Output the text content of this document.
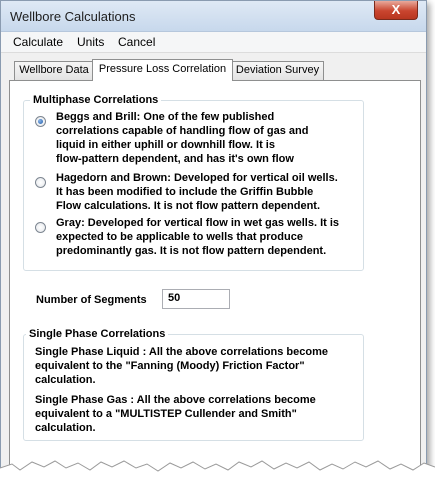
Wellbore Calculations	X
Calculate Units Cancel
Wellbore Data Pressure Loss Correlation Deviation Survey
Multiphase Correlations
Beggs and Brill: One of the few published
correlations capable of handling flow of gas and
liquid in either uphill or downhill flow. It is
flow-pattern dependent, and has it's own flow
Hagedorn and Brown: Developed for vertical oil wells.
It has been modified to include the Griffin Bubble
Flow calculations. It is not flow pattern dependent.
Gray: Developed for vertical flow in wet gas wells. It is
expected to be applicable to wells that produce
predominantly gas. It is not flow pattern dependent.
Number of Segments	50
Single Phase Correlations
Single Phase Liquid : All the above correlations become
equivalent to the "Fanning (Moody) Friction Factor"
calculation.
Single Phase Gas : All the above correlations become
equivalent to a "MULTISTEP Cullender and Smith"
calculation.
